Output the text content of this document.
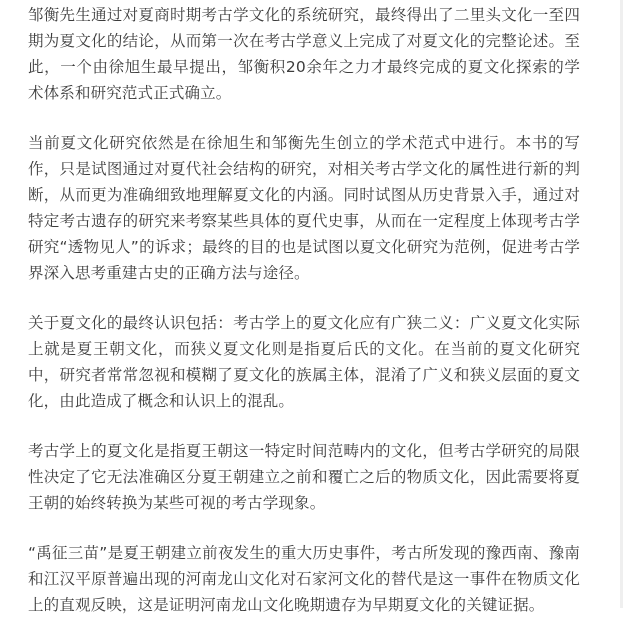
邹衡先生通过对夏商时期考古学文化的系统研究，最终得出了二里头文化一至四期为夏文化的结论，从而第一次在考古学意义上完成了对夏文化的完整论述。至此，一个由徐旭生最早提出，邹衡积20余年之力才最终完成的夏文化探索的学术体系和研究范式正式确立。

当前夏文化研究依然是在徐旭生和邹衡先生创立的学术范式中进行。本书的写作，只是试图通过对夏代社会结构的研究，对相关考古学文化的属性进行新的判断，从而更为准确细致地理解夏文化的内涵。同时试图从历史背景入手，通过对特定考古遗存的研究来考察某些具体的夏代史事，从而在一定程度上体现考古学研究“透物见人”的诉求；最终的目的也是试图以夏文化研究为范例，促进考古学界深入思考重建古史的正确方法与途径。

关于夏文化的最终认识包括：考古学上的夏文化应有广狭二义：广义夏文化实际上就是夏王朝文化，而狭义夏文化则是指夏后氏的文化。在当前的夏文化研究中，研究者常常忽视和模糊了夏文化的族属主体，混淆了广义和狭义层面的夏文化，由此造成了概念和认识上的混乱。

考古学上的夏文化是指夏王朝这一特定时间范畴内的文化，但考古学研究的局限性决定了它无法准确区分夏王朝建立之前和覆亡之后的物质文化，因此需要将夏王朝的始终转换为某些可视的考古学现象。

“禹征三苗”是夏王朝建立前夜发生的重大历史事件，考古所发现的豫西南、豫南和江汉平原普遍出现的河南龙山文化对石家河文化的替代是这一事件在物质文化上的直观反映，这是证明河南龙山文化晚期遗存为早期夏文化的关键证据。
